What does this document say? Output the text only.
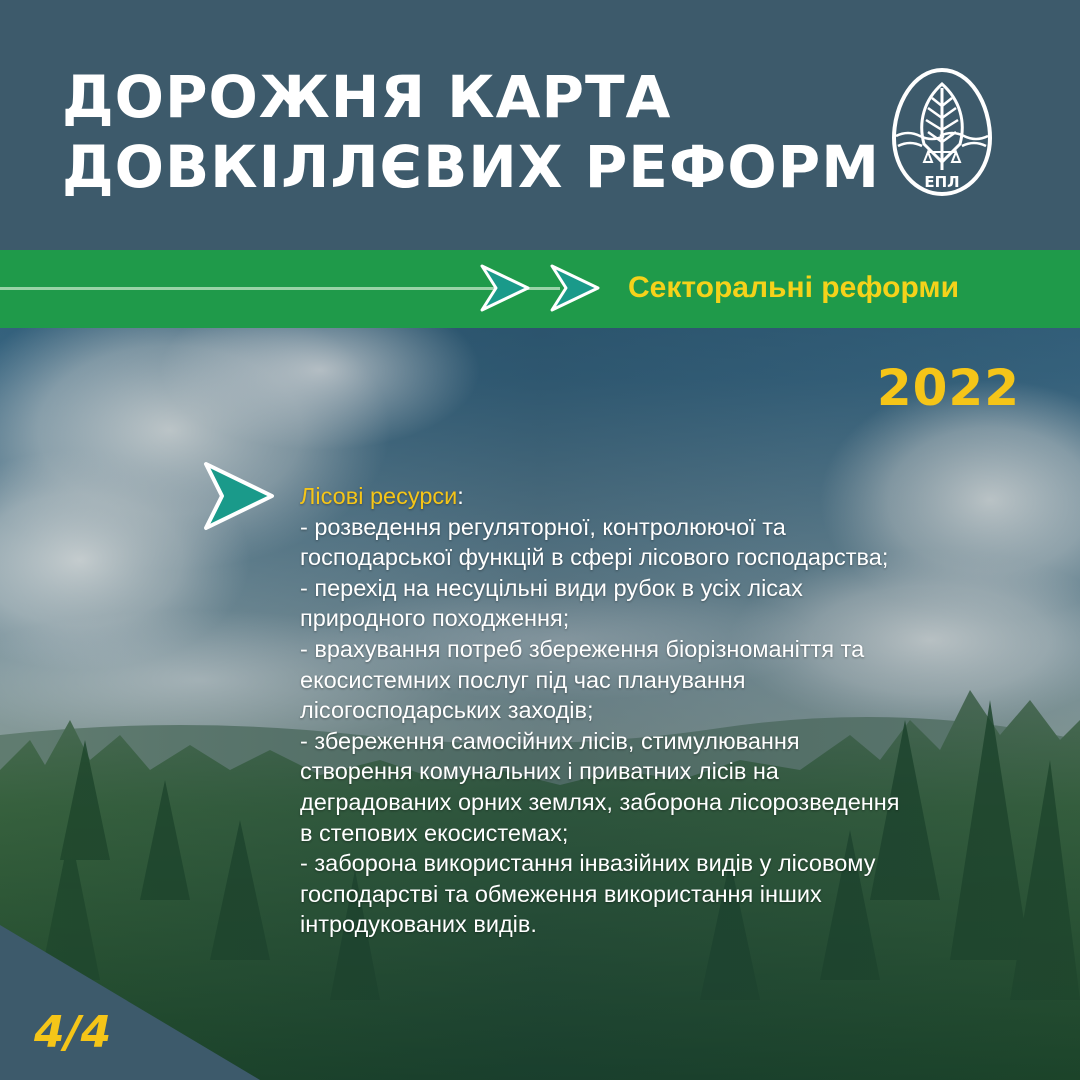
ДОРОЖНЯ КАРТА
ДОВКІЛЛЄВИХ РЕФОРМ	ЕПЛ
Секторальні реформи
2022
Лісові ресурси:
- розведення регуляторної, контролюючої та
господарської функцій в сфері лісового господарства;
- перехід на несуцільні види рубок в усіх лісах
природного походження;
- врахування потреб збереження біорізноманіття та
екосистемних послуг під час планування
лісогосподарських заходів;
- збереження самосійних лісів, стимулювання
створення комунальних і приватних лісів на
деградованих орних землях, заборона лісорозведення
в степових екосистемах;
- заборона використання інвазійних видів у лісовому
господарстві та обмеження використання інших
інтродукованих видів.
4/4
